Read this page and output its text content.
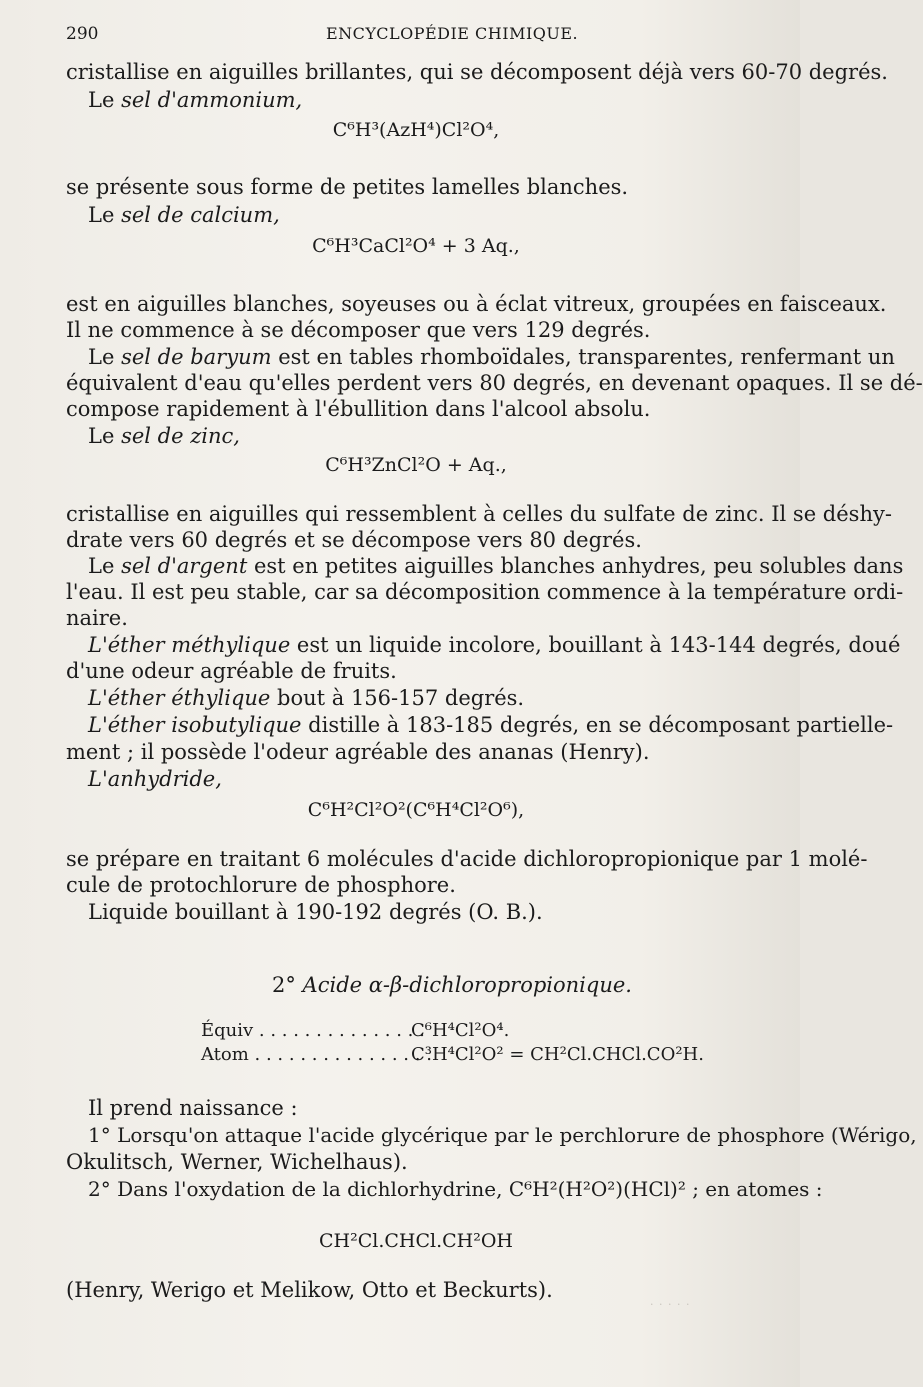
290	ENCYCLOPÉDIE CHIMIQUE.
cristallise en aiguilles brillantes, qui se décomposent déjà vers 60-70 degrés.
Le sel d'ammonium,
C⁶H³(AzH⁴)Cl²O⁴,
se présente sous forme de petites lamelles blanches.
Le sel de calcium,
C⁶H³CaCl²O⁴ + 3 Aq.,
est en aiguilles blanches, soyeuses ou à éclat vitreux, groupées en faisceaux.
Il ne commence à se décomposer que vers 129 degrés.
Le sel de baryum est en tables rhomboïdales, transparentes, renfermant un
équivalent d'eau qu'elles perdent vers 80 degrés, en devenant opaques. Il se dé-
compose rapidement à l'ébullition dans l'alcool absolu.
Le sel de zinc,
C⁶H³ZnCl²O + Aq.,
cristallise en aiguilles qui ressemblent à celles du sulfate de zinc. Il se déshy-
drate vers 60 degrés et se décompose vers 80 degrés.
Le sel d'argent est en petites aiguilles blanches anhydres, peu solubles dans
l'eau. Il est peu stable, car sa décomposition commence à la température ordi-
naire.
L'éther méthylique est un liquide incolore, bouillant à 143-144 degrés, doué
d'une odeur agréable de fruits.
L'éther éthylique bout à 156-157 degrés.
L'éther isobutylique distille à 183-185 degrés, en se décomposant partielle-
ment ; il possède l'odeur agréable des ananas (Henry).
L'anhydride,
C⁶H²Cl²O²(C⁶H⁴Cl²O⁶),
se prépare en traitant 6 molécules d'acide dichloropropionique par 1 molé-
cule de protochlorure de phosphore.
Liquide bouillant à 190-192 degrés (O. B.).
2° Acide α-β-dichloropropionique.
Équiv . . . . . . . . . . . . . . .
C⁶H⁴Cl²O⁴.
Atom . . . . . . . . . . . . . . . .
C³H⁴Cl²O² = CH²Cl.CHCl.CO²H.
Il prend naissance :
1° Lorsqu'on attaque l'acide glycérique par le perchlorure de phosphore (Wérigo,
Okulitsch, Werner, Wichelhaus).
2° Dans l'oxydation de la dichlorhydrine, C⁶H²(H²O²)(HCl)² ; en atomes :
CH²Cl.CHCl.CH²OH
(Henry, Werigo et Melikow, Otto et Beckurts).
· · · · ·
